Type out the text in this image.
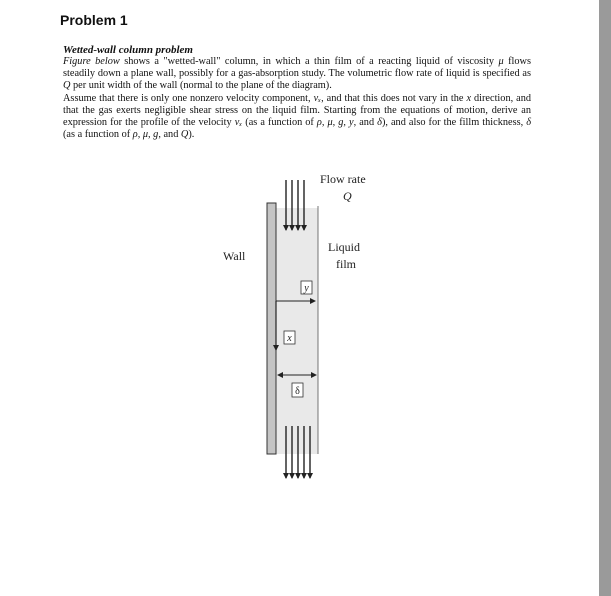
Problem 1
Wetted-wall column problem

Figure below shows a "wetted-wall" column, in which a thin film of a reacting liquid of viscosity μ flows steadily down a plane wall, possibly for a gas-absorption study. The volumetric flow rate of liquid is specified as Q per unit width of the wall (normal to the plane of the diagram).

Assume that there is only one nonzero velocity component, vₓ, and that this does not vary in the x direction, and that the gas exerts negligible shear stress on the liquid film. Starting from the equations of motion, derive an expression for the profile of the velocity vₓ (as a function of ρ, μ, g, y, and δ), and also for the fillm thickness, δ (as a function of ρ, μ, g, and Q).

y
x
δ
Flow rate
Q
Wall
Liquid
film
